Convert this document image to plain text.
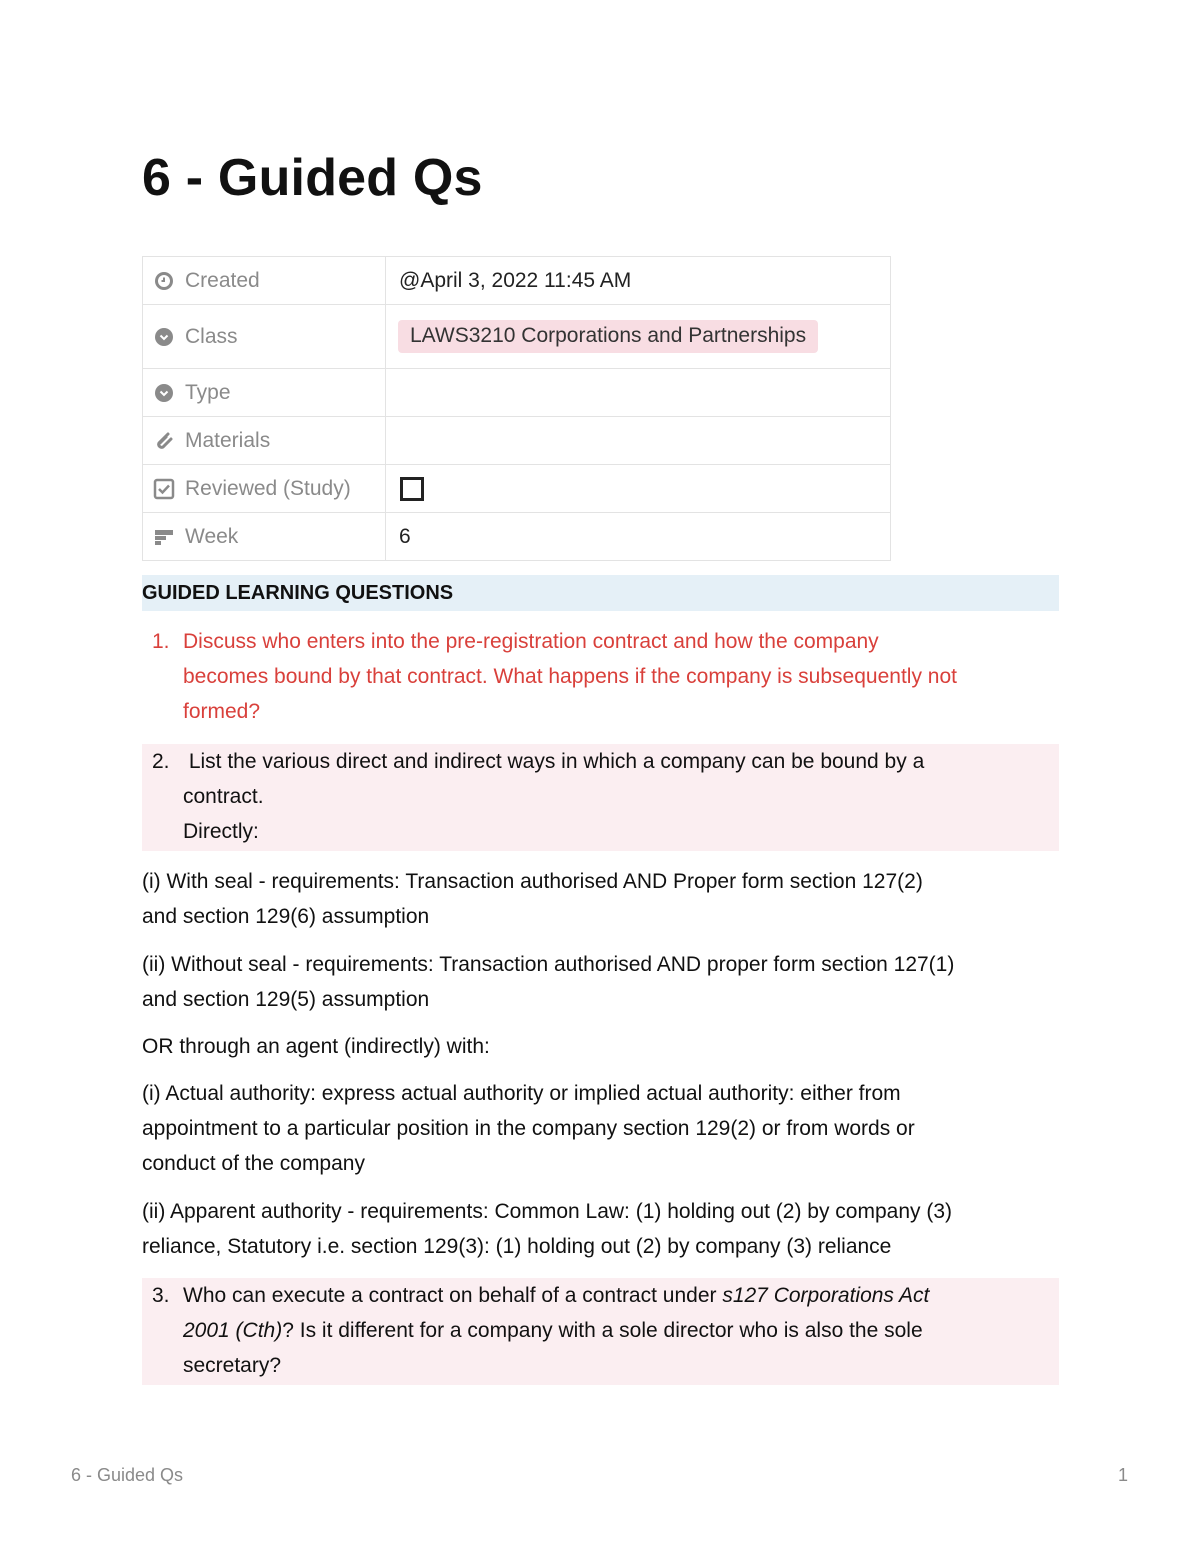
6 - Guided Qs
Created	@April 3, 2022 11:45 AM

Class	LAWS3210 Corporations and Partnerships

Type	

Materials	

Reviewed (Study)	

Week	6
GUIDED LEARNING QUESTIONS
1. Discuss who enters into the pre-registration contract and how the company
becomes bound by that contract. What happens if the company is subsequently not
formed?
2. List the various direct and indirect ways in which a company can be bound by a
contract.
Directly:
(i) With seal - requirements: Transaction authorised AND Proper form section 127(2)
and section 129(6) assumption
(ii) Without seal - requirements: Transaction authorised AND proper form section 127(1)
and section 129(5) assumption
OR through an agent (indirectly) with:
(i) Actual authority: express actual authority or implied actual authority: either from
appointment to a particular position in the company section 129(2) or from words or
conduct of the company
(ii) Apparent authority - requirements: Common Law: (1) holding out (2) by company (3)
reliance, Statutory i.e. section 129(3): (1) holding out (2) by company (3) reliance
3. Who can execute a contract on behalf of a contract under s127 Corporations Act
2001 (Cth)? Is it different for a company with a sole director who is also the sole
secretary?
6 - Guided Qs	1
